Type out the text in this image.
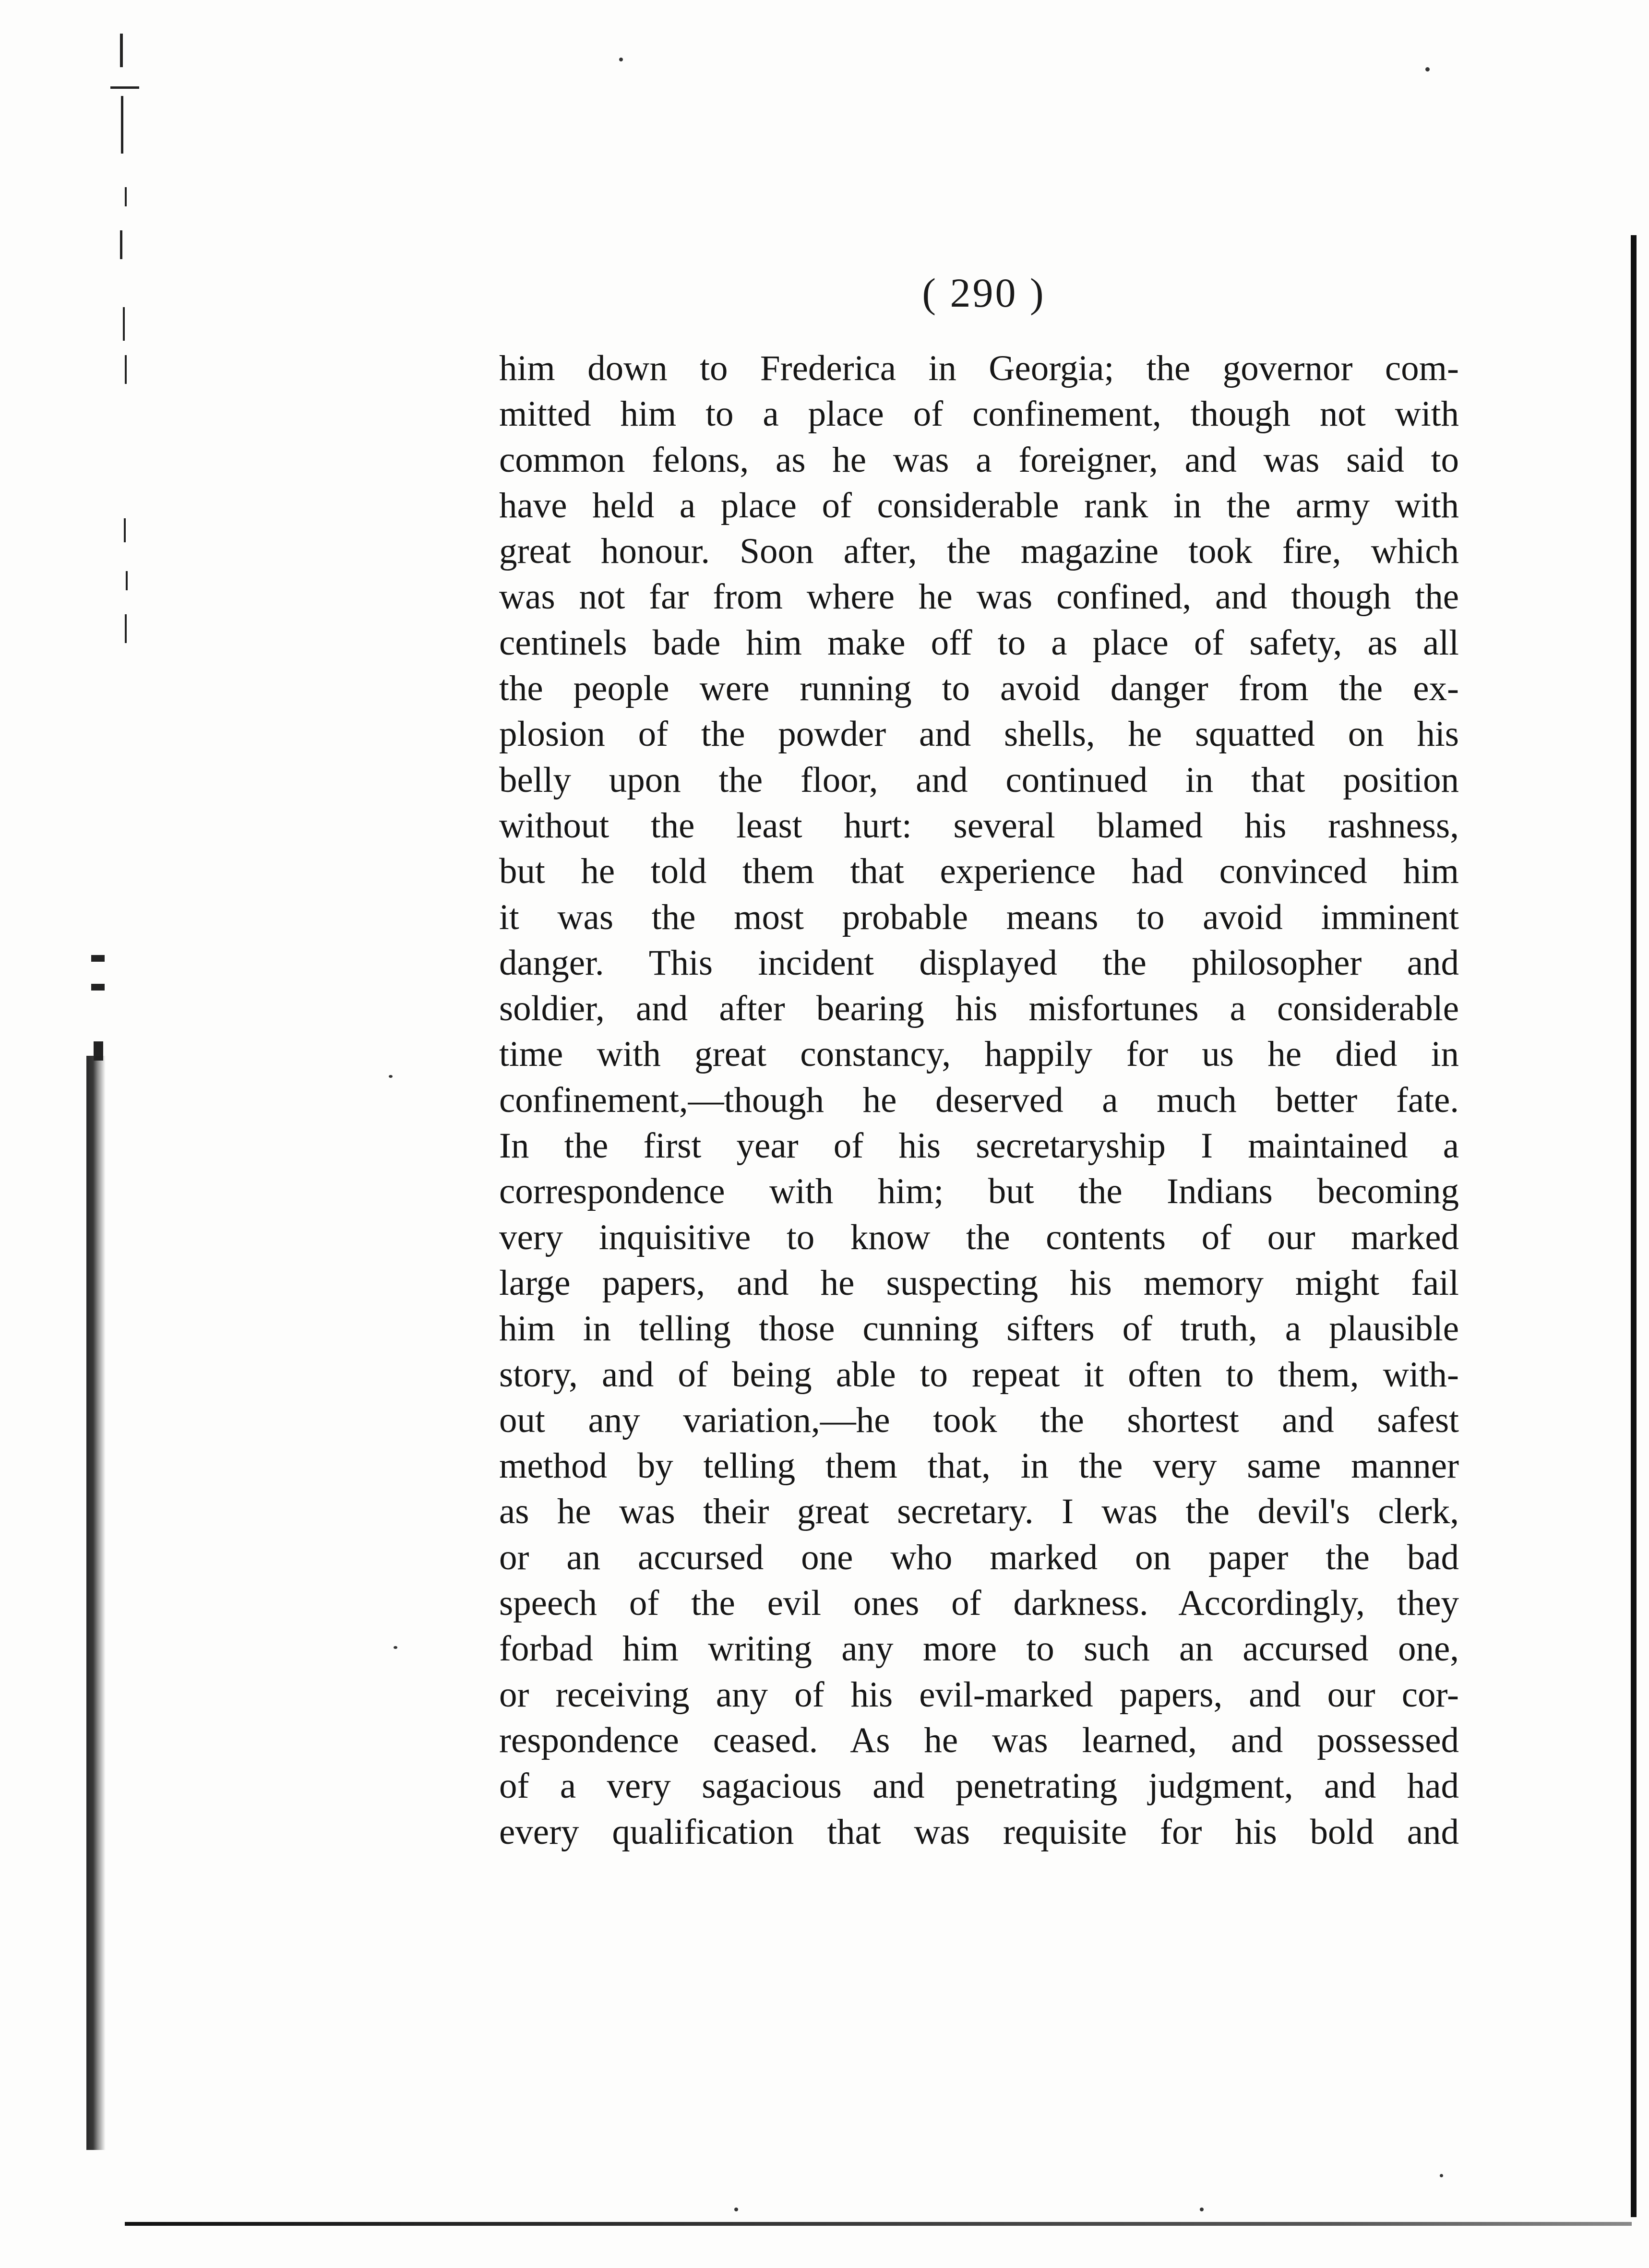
( 290 )
him down to Frederica in Georgia; the governor com-
mitted him to a place of confinement, though not with
common felons, as he was a foreigner, and was said to
have held a place of considerable rank in the army with
great honour. Soon after, the magazine took fire, which
was not far from where he was confined, and though the
centinels bade him make off to a place of safety, as all
the people were running to avoid danger from the ex-
plosion of the powder and shells, he squatted on his
belly upon the floor, and continued in that position
without the least hurt: several blamed his rashness,
but he told them that experience had convinced him
it was the most probable means to avoid imminent
danger. This incident displayed the philosopher and
soldier, and after bearing his misfortunes a considerable
time with great constancy, happily for us he died in
confinement,—though he deserved a much better fate.
In the first year of his secretaryship I maintained a
correspondence with him; but the Indians becoming
very inquisitive to know the contents of our marked
large papers, and he suspecting his memory might fail
him in telling those cunning sifters of truth, a plausible
story, and of being able to repeat it often to them, with-
out any variation,—he took the shortest and safest
method by telling them that, in the very same manner
as he was their great secretary. I was the devil's clerk,
or an accursed one who marked on paper the bad
speech of the evil ones of darkness. Accordingly, they
forbad him writing any more to such an accursed one,
or receiving any of his evil-marked papers, and our cor-
respondence ceased. As he was learned, and possessed
of a very sagacious and penetrating judgment, and had
every qualification that was requisite for his bold and
